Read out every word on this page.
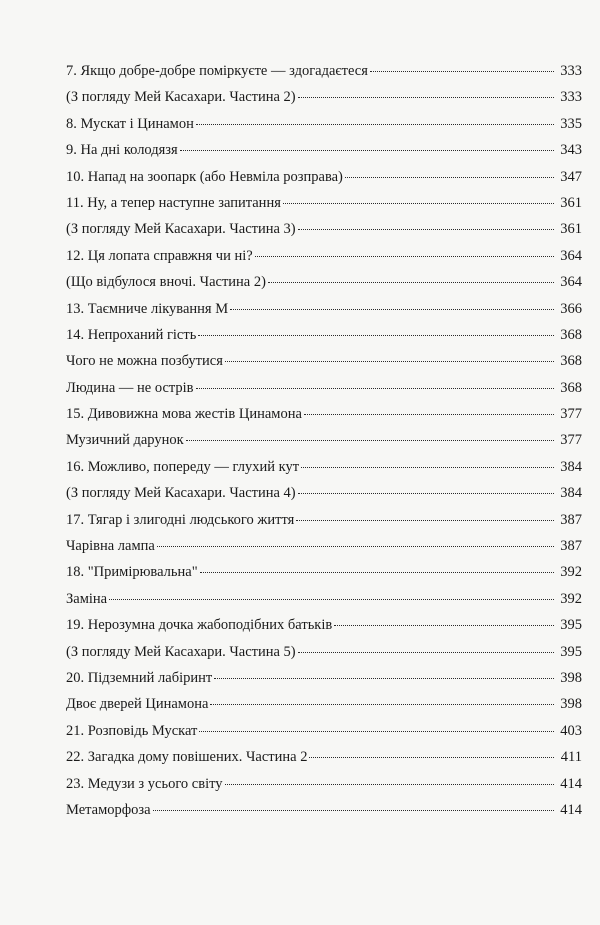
7. Якщо добре-добре поміркуєте — здогадаєтеся	333
(З погляду Мей Касахари. Частина 2)	333
8. Мускат і Цинамон	335
9. На дні колодязя	343
10. Напад на зоопарк (або Невміла розправа)	347
11. Ну, а тепер наступне запитання	361
(З погляду Мей Касахари. Частина 3)	361
12. Ця лопата справжня чи ні?	364
(Що відбулося вночі. Частина 2)	364
13. Таємниче лікування М	366
14. Непроханий гість	368
Чого не можна позбутися	368
Людина — не острів	368
15. Дивовижна мова жестів Цинамона	377
Музичний дарунок	377
16. Можливо, попереду — глухий кут	384
(З погляду Мей Касахари. Частина 4)	384
17. Тягар і злигодні людського життя	387
Чарівна лампа	387
18. "Примірювальна"	392
Заміна	392
19. Нерозумна дочка жабоподібних батьків	395
(З погляду Мей Касахари. Частина 5)	395
20. Підземний лабіринт	398
Двоє дверей Цинамона	398
21. Розповідь Мускат	403
22. Загадка дому повішених. Частина 2	411
23. Медузи з усього світу	414
Метаморфоза	414
